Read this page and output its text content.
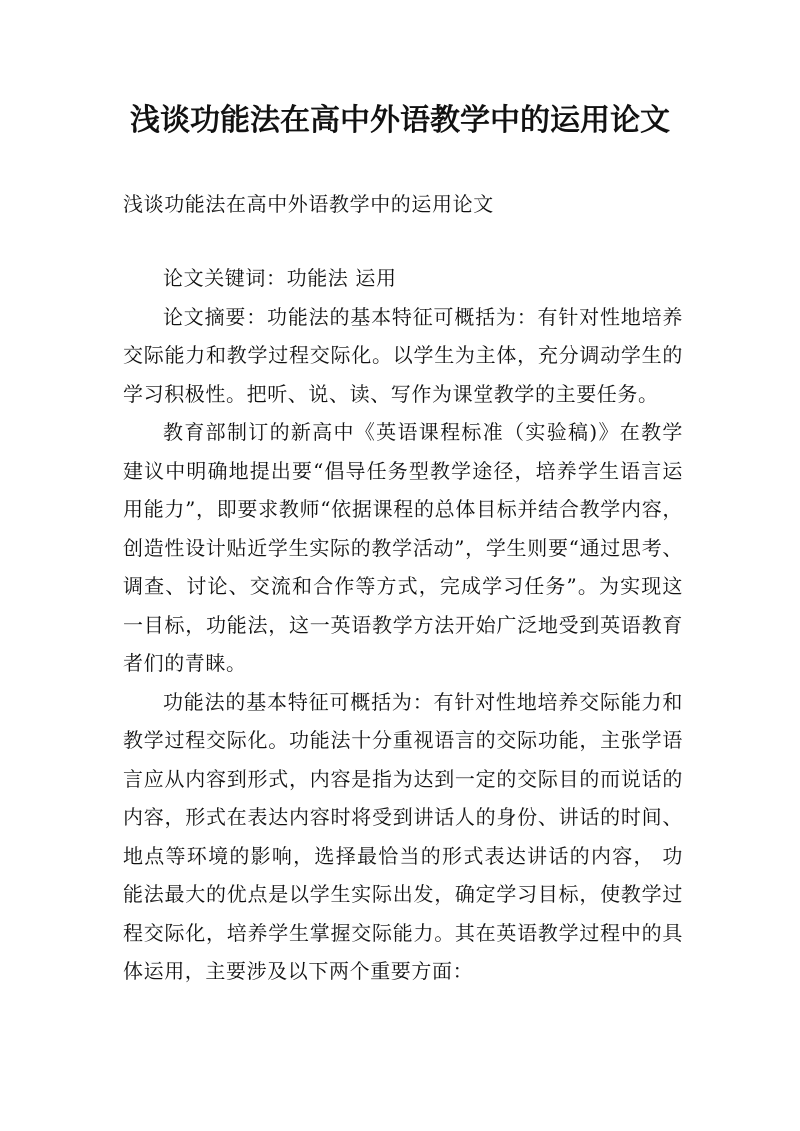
浅谈功能法在高中外语教学中的运用论文

浅谈功能法在高中外语教学中的运用论文

论文关键词：功能法 运用

论文摘要：功能法的基本特征可概括为：有针对性地培养交际能力和教学过程交际化。以学生为主体，充分调动学生的学习积极性。把听、说、读、写作为课堂教学的主要任务。

教育部制订的新高中《英语课程标准（实验稿)》在教学建议中明确地提出要“倡导任务型教学途径，培养学生语言运用能力”，即要求教师“依据课程的总体目标并结合教学内容，创造性设计贴近学生实际的教学活动”，学生则要“通过思考、调查、讨论、交流和合作等方式，完成学习任务”。为实现这一目标，功能法，这一英语教学方法开始广泛地受到英语教育者们的青睐。

功能法的基本特征可概括为：有针对性地培养交际能力和教学过程交际化。功能法十分重视语言的交际功能，主张学语言应从内容到形式，内容是指为达到一定的交际目的而说话的内容，形式在表达内容时将受到讲话人的身份、讲话的时间、地点等环境的影响，选择最恰当的形式表达讲话的内容， 功能法最大的优点是以学生实际出发，确定学习目标，使教学过程交际化，培养学生掌握交际能力。其在英语教学过程中的具体运用，主要涉及以下两个重要方面：
